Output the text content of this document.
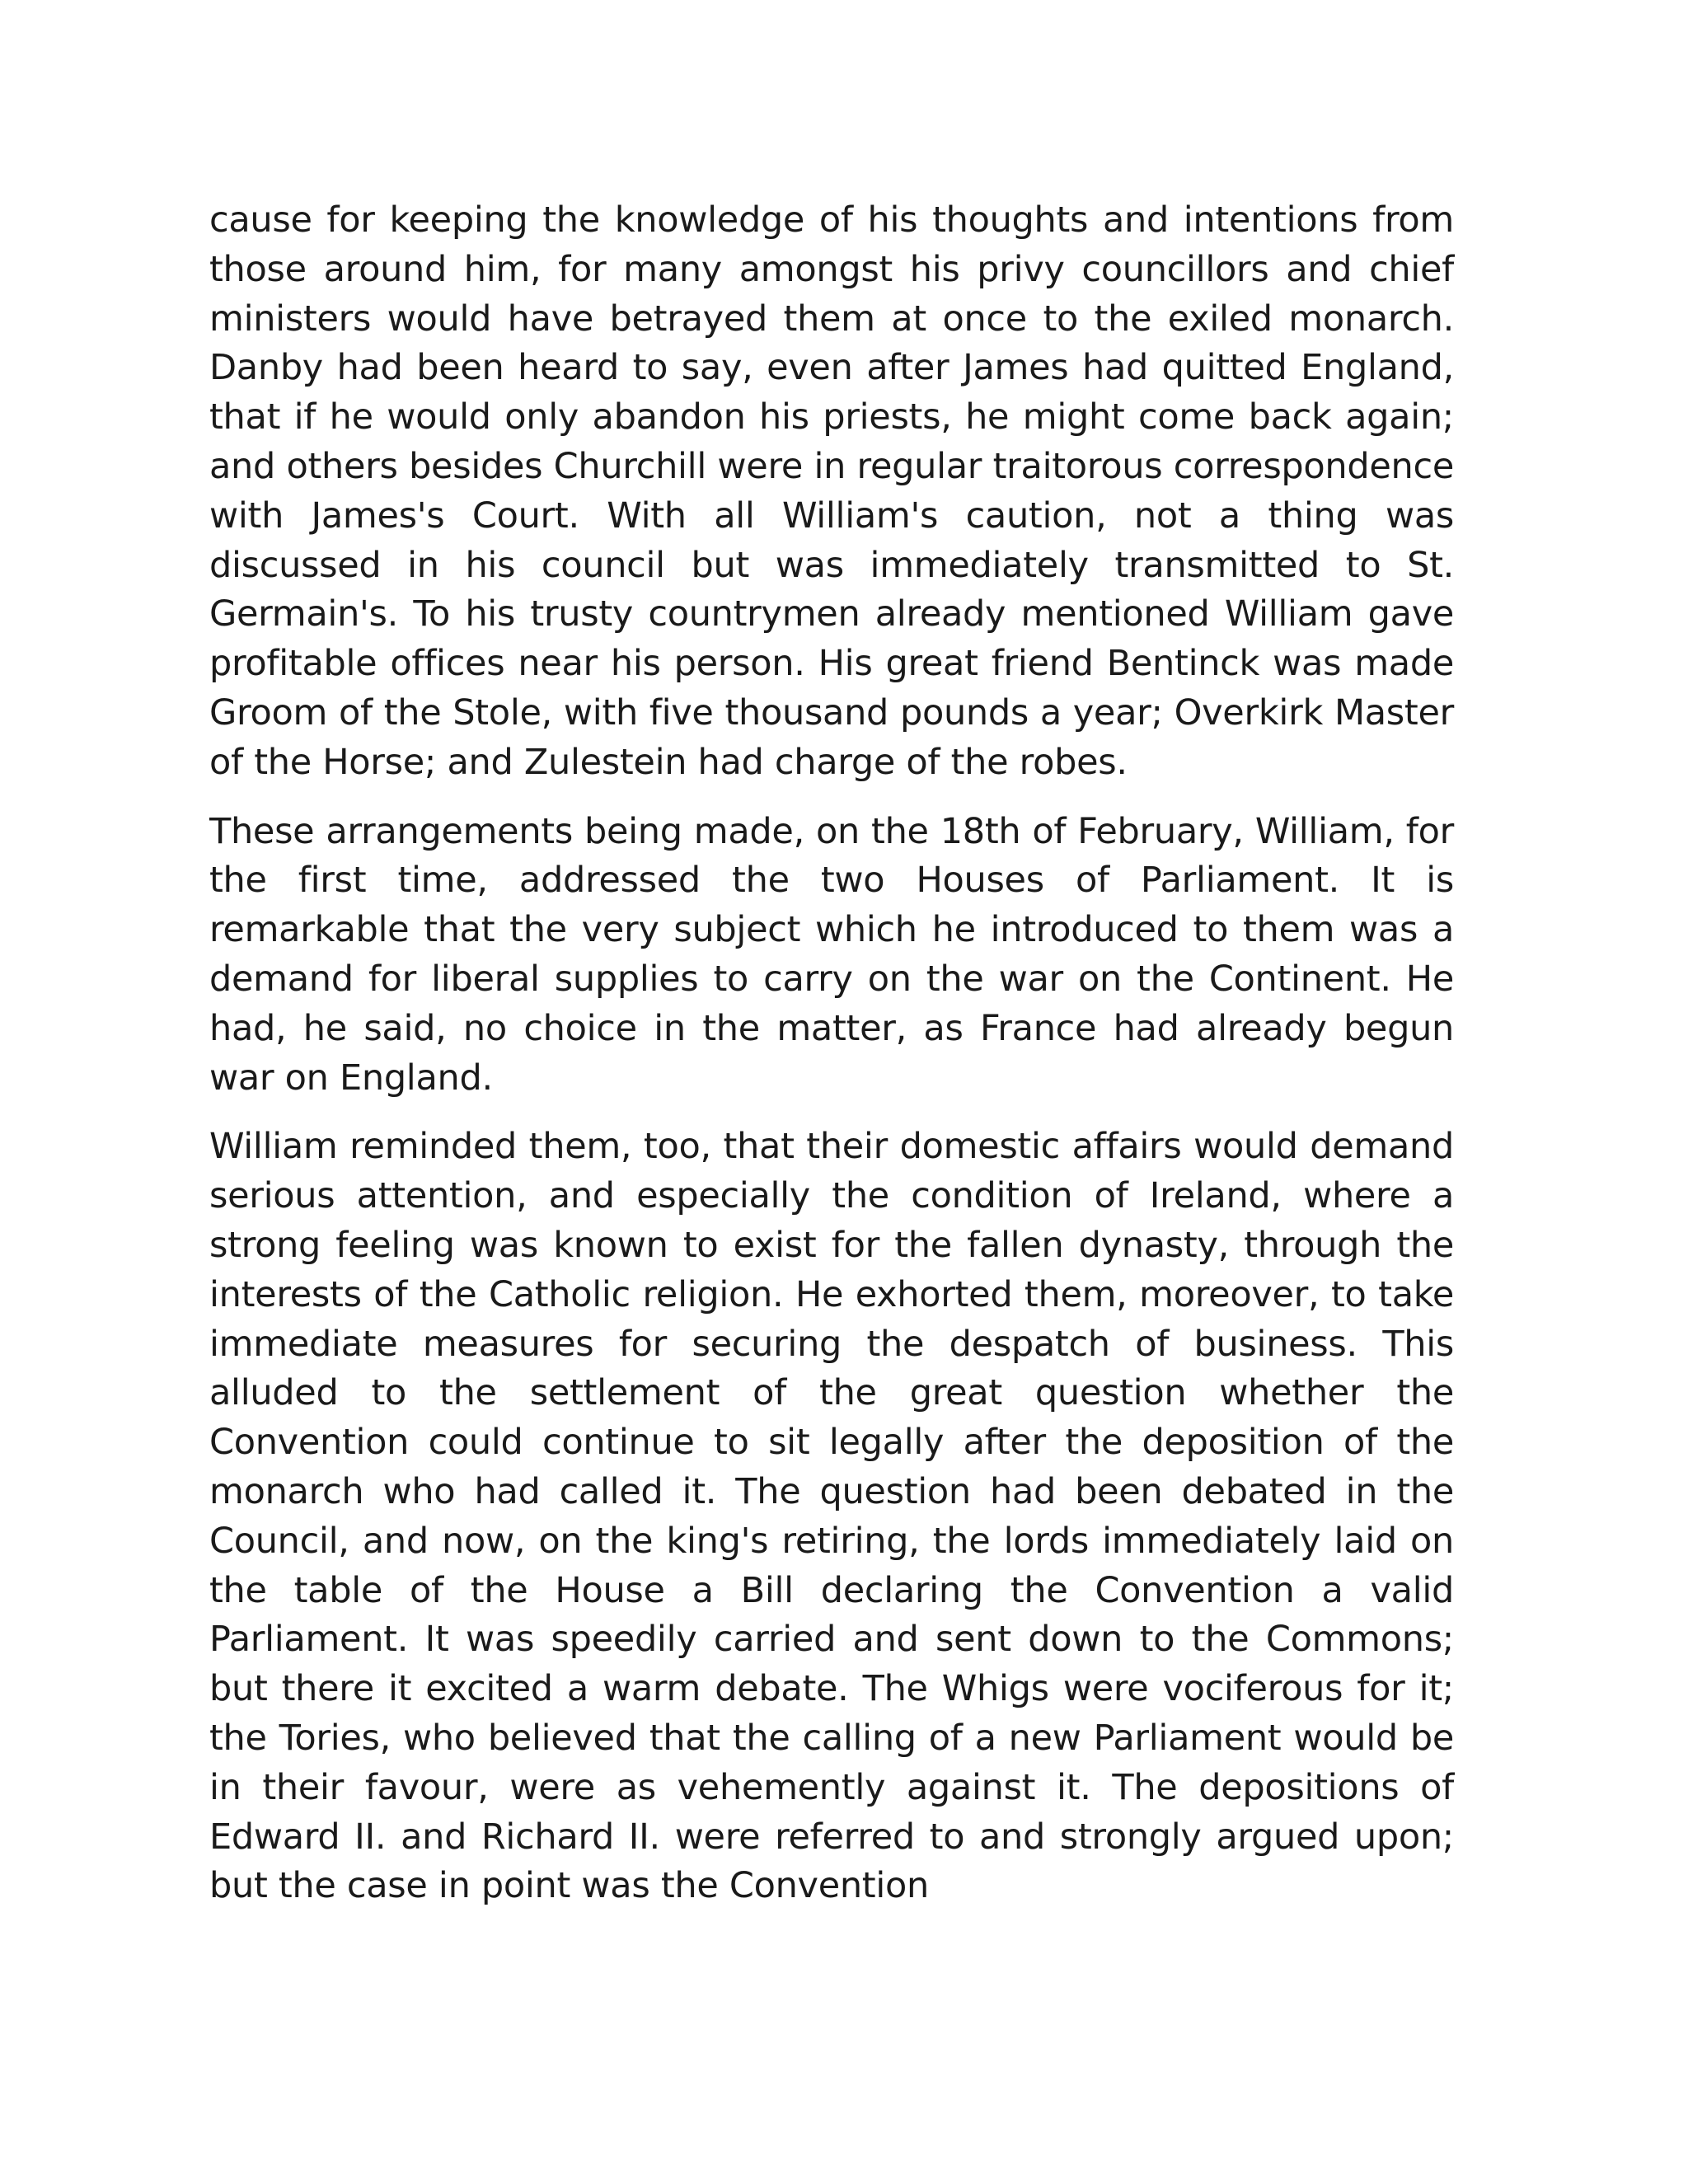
cause for keeping the knowledge of his thoughts and intentions from those around him, for many amongst his privy councillors and chief ministers would have betrayed them at once to the exiled monarch. Danby had been heard to say, even after James had quitted England, that if he would only abandon his priests, he might come back again; and others besides Churchill were in regular traitorous correspondence with James's Court. With all William's caution, not a thing was discussed in his council but was immediately transmitted to St. Germain's. To his trusty countrymen already mentioned William gave profitable offices near his person. His great friend Bentinck was made Groom of the Stole, with five thousand pounds a year; Overkirk Master of the Horse; and Zulestein had charge of the robes.

These arrangements being made, on the 18th of February, William, for the first time, addressed the two Houses of Parliament. It is remarkable that the very subject which he introduced to them was a demand for liberal supplies to carry on the war on the Continent. He had, he said, no choice in the matter, as France had already begun war on England.

William reminded them, too, that their domestic affairs would demand serious attention, and especially the condition of Ireland, where a strong feeling was known to exist for the fallen dynasty, through the interests of the Catholic religion. He exhorted them, moreover, to take immediate measures for securing the despatch of business. This alluded to the settlement of the great question whether the Convention could continue to sit legally after the deposition of the monarch who had called it. The question had been debated in the Council, and now, on the king's retiring, the lords immediately laid on the table of the House a Bill declaring the Convention a valid Parliament. It was speedily carried and sent down to the Commons; but there it excited a warm debate. The Whigs were vociferous for it; the Tories, who believed that the calling of a new Parliament would be in their favour, were as vehemently against it. The depositions of Edward II. and Richard II. were referred to and strongly argued upon; but the case in point was the Convention
